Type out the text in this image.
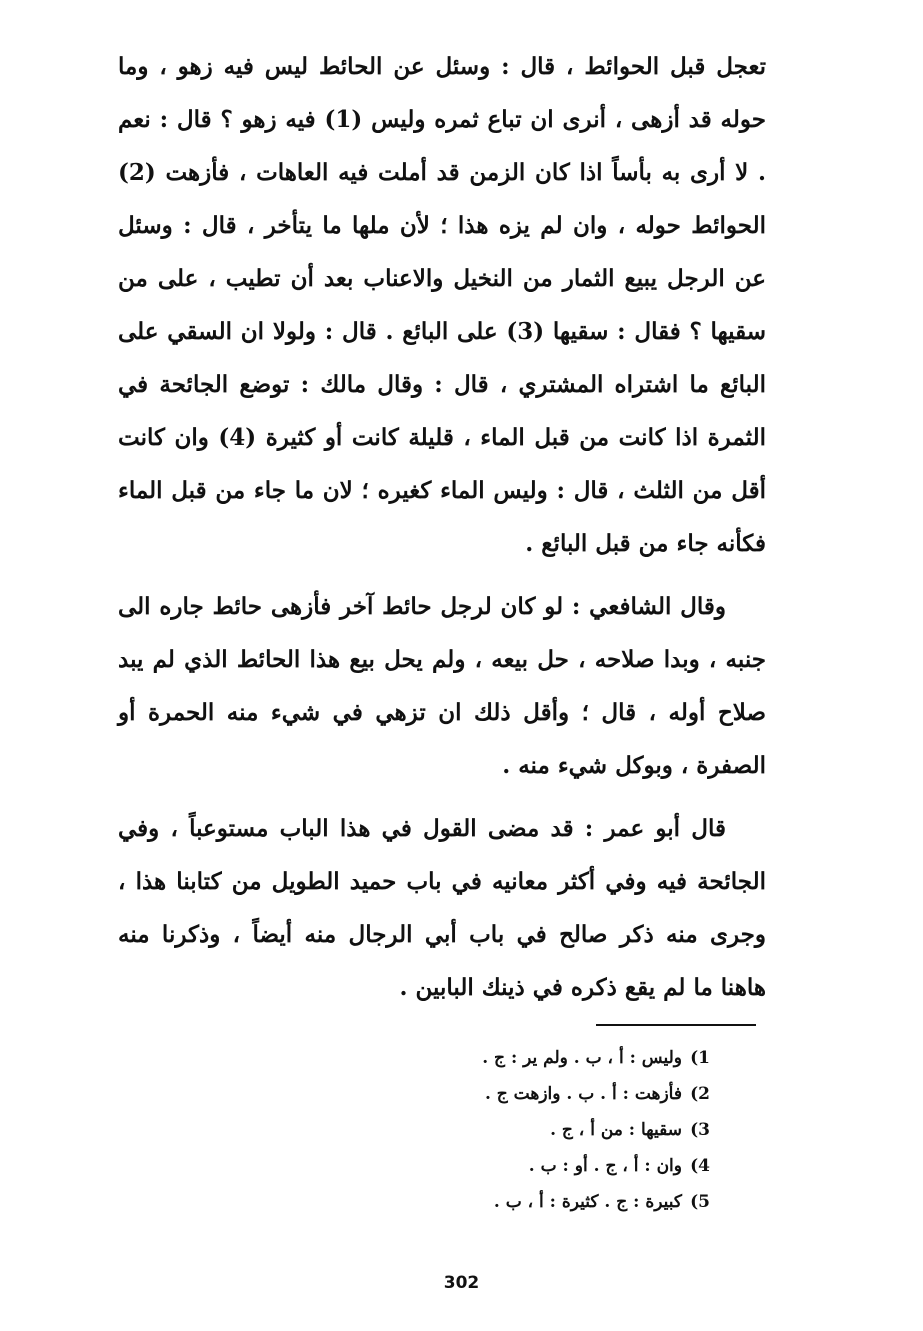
تعجل قبل الحوائط ، قال : وسئل عن الحائط ليس فيه زهو ، وما حوله قد أزهى ، أنرى ان تباع ثمره وليس (1) فيه زهو ؟ قال : نعم . لا أرى به بأساً اذا كان الزمن قد أملت فيه العاهات ، فأزهت (2) الحوائط حوله ، وان لم يزه هذا ؛ لأن ملها ما يتأخر ، قال : وسئل عن الرجل يبيع الثمار من النخيل والاعناب بعد أن تطيب ، على من سقيها ؟ فقال : سقيها (3) على البائع . قال : ولولا ان السقي على البائع ما اشتراه المشتري ، قال : وقال مالك : توضع الجائحة في الثمرة اذا كانت من قبل الماء ، قليلة كانت أو كثيرة (4) وان كانت أقل من الثلث ، قال : وليس الماء كغيره ؛ لان ما جاء من قبل الماء فكأنه جاء من قبل البائع .

وقال الشافعي : لو كان لرجل حائط آخر فأزهى حائط جاره الى جنبه ، وبدا صلاحه ، حل بيعه ، ولم يحل بيع هذا الحائط الذي لم يبد صلاح أوله ، قال ؛ وأقل ذلك ان تزهي في شيء منه الحمرة أو الصفرة ، وبوكل شيء منه .

قال أبو عمر : قد مضى القول في هذا الباب مستوعباً ، وفي الجائحة فيه وفي أكثر معانيه في باب حميد الطويل من كتابنا هذا ، وجرى منه ذكر صالح في باب أبي الرجال منه أيضاً ، وذكرنا منه هاهنا ما لم يقع ذكره في ذينك البابين .

1)
وليس : أ ، ب . ولم ير : ج .
2)
فأزهت : أ . ب . وازهت ج .
3)
سقيها : من أ ، ج .
4)
وان : أ ، ج . أو : ب .
5)
كبيرة : ج . كثيرة : أ ، ب .
302
